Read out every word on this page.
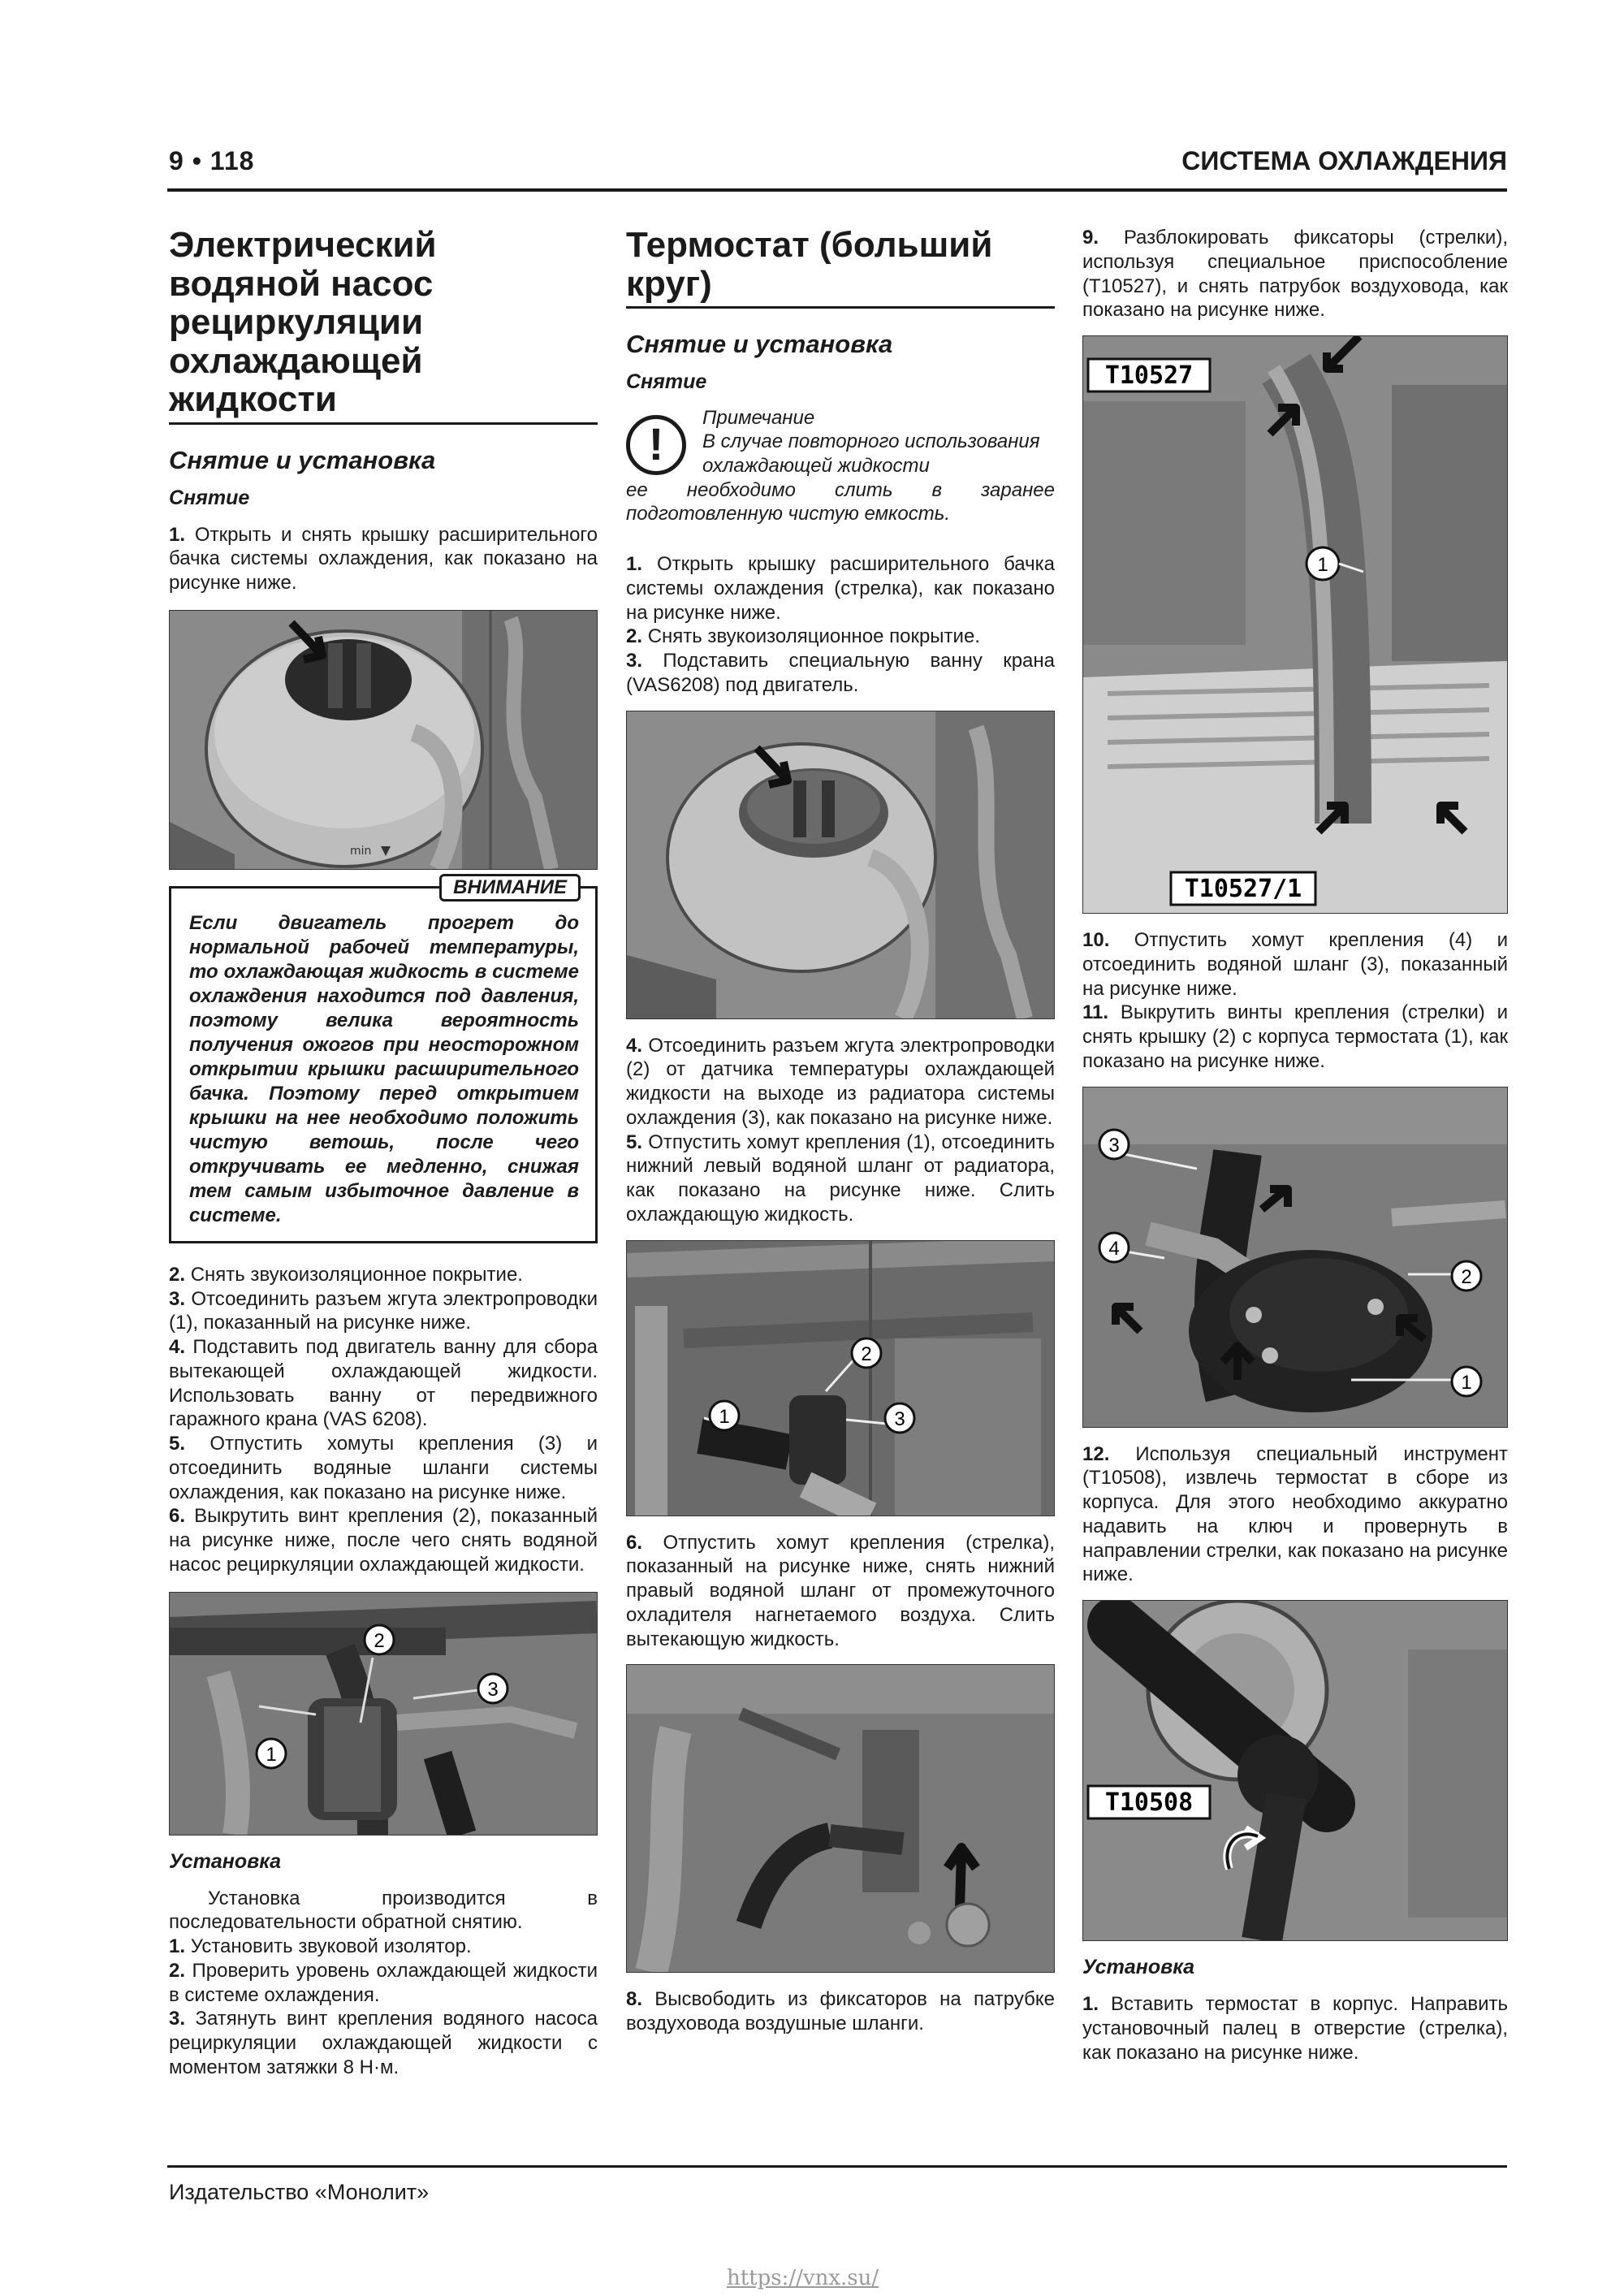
9 • 118	СИСТЕМА ОХЛАЖДЕНИЯ
Электрический водяной насос рециркуляции охлаждающей жидкости
Снятие и установка
Снятие

1. Открыть и снять крышку расширительного бачка системы охлаждения, как показано на рисунке ниже.

min
ВНИМАНИЕ

Если двигатель прогрет до нормальной рабочей температуры, то охлаждающая жидкость в системе охлаждения находится под давления, поэтому велика вероятность получения ожогов при неосторожном открытии крышки расширительного бачка. Поэтому перед открытием крышки на нее необходимо положить чистую ветошь, после чего откручивать ее медленно, снижая тем самым избыточное давление в системе.

2. Снять звукоизоляционное покрытие.

3. Отсоединить разъем жгута электропроводки (1), показанный на рисунке ниже.

4. Подставить под двигатель ванну для сбора вытекающей охлаждающей жидкости. Использовать ванну от передвижного гаражного крана (VAS 6208).

5. Отпустить хомуты крепления (3) и отсоединить водяные шланги системы охлаждения, как показано на рисунке ниже.

6. Выкрутить винт крепления (2), показанный на рисунке ниже, после чего снять водяной насос рециркуляции охлаждающей жидкости.

1
2
3
Установка

Установка производится в последовательности обратной снятию.

1. Установить звуковой изолятор.

2. Проверить уровень охлаждающей жидкости в системе охлаждения.

3. Затянуть винт крепления водяного насоса рециркуляции охлаждающей жидкости с моментом затяжки 8 Н·м.

Термостат (больший круг)
Снятие и установка
Снятие
!
Примечание
В случае повторного использования охлаждающей жидкости
ее необходимо слить в заранее подготовленную чистую емкость.

1. Открыть крышку расширительного бачка системы охлаждения (стрелка), как показано на рисунке ниже.

2. Снять звукоизоляционное покрытие.

3. Подставить специальную ванну крана (VAS6208) под двигатель.

4. Отсоединить разъем жгута электропроводки (2) от датчика температуры охлаждающей жидкости на выходе из радиатора системы охлаждения (3), как показано на рисунке ниже.

5. Отпустить хомут крепления (1), отсоединить нижний левый водяной шланг от радиатора, как показано на рисунке ниже. Слить охлаждающую жидкость.

1
2
3

6. Отпустить хомут крепления (стрелка), показанный на рисунке ниже, снять нижний правый водяной шланг от промежуточного охладителя нагнетаемого воздуха. Слить вытекающую жидкость.

8. Высвободить из фиксаторов на патрубке воздуховода воздушные шланги.

9. Разблокировать фиксаторы (стрелки), используя специальное приспособление (T10527), и снять патрубок воздуховода, как показано на рисунке ниже.

T10527
T10527/1
1

10. Отпустить хомут крепления (4) и отсоединить водяной шланг (3), показанный на рисунке ниже.

11. Выкрутить винты крепления (стрелки) и снять крышку (2) с корпуса термостата (1), как показано на рисунке ниже.

3
4
2
1

12. Используя специальный инструмент (T10508), извлечь термостат в сборе из корпуса. Для этого необходимо аккуратно надавить на ключ и провернуть в направлении стрелки, как показано на рисунке ниже.

T10508
Установка

1. Вставить термостат в корпус. Направить установочный палец в отверстие (стрелка), как показано на рисунке ниже.

Издательство «Монолит»
https://vnx.su/
